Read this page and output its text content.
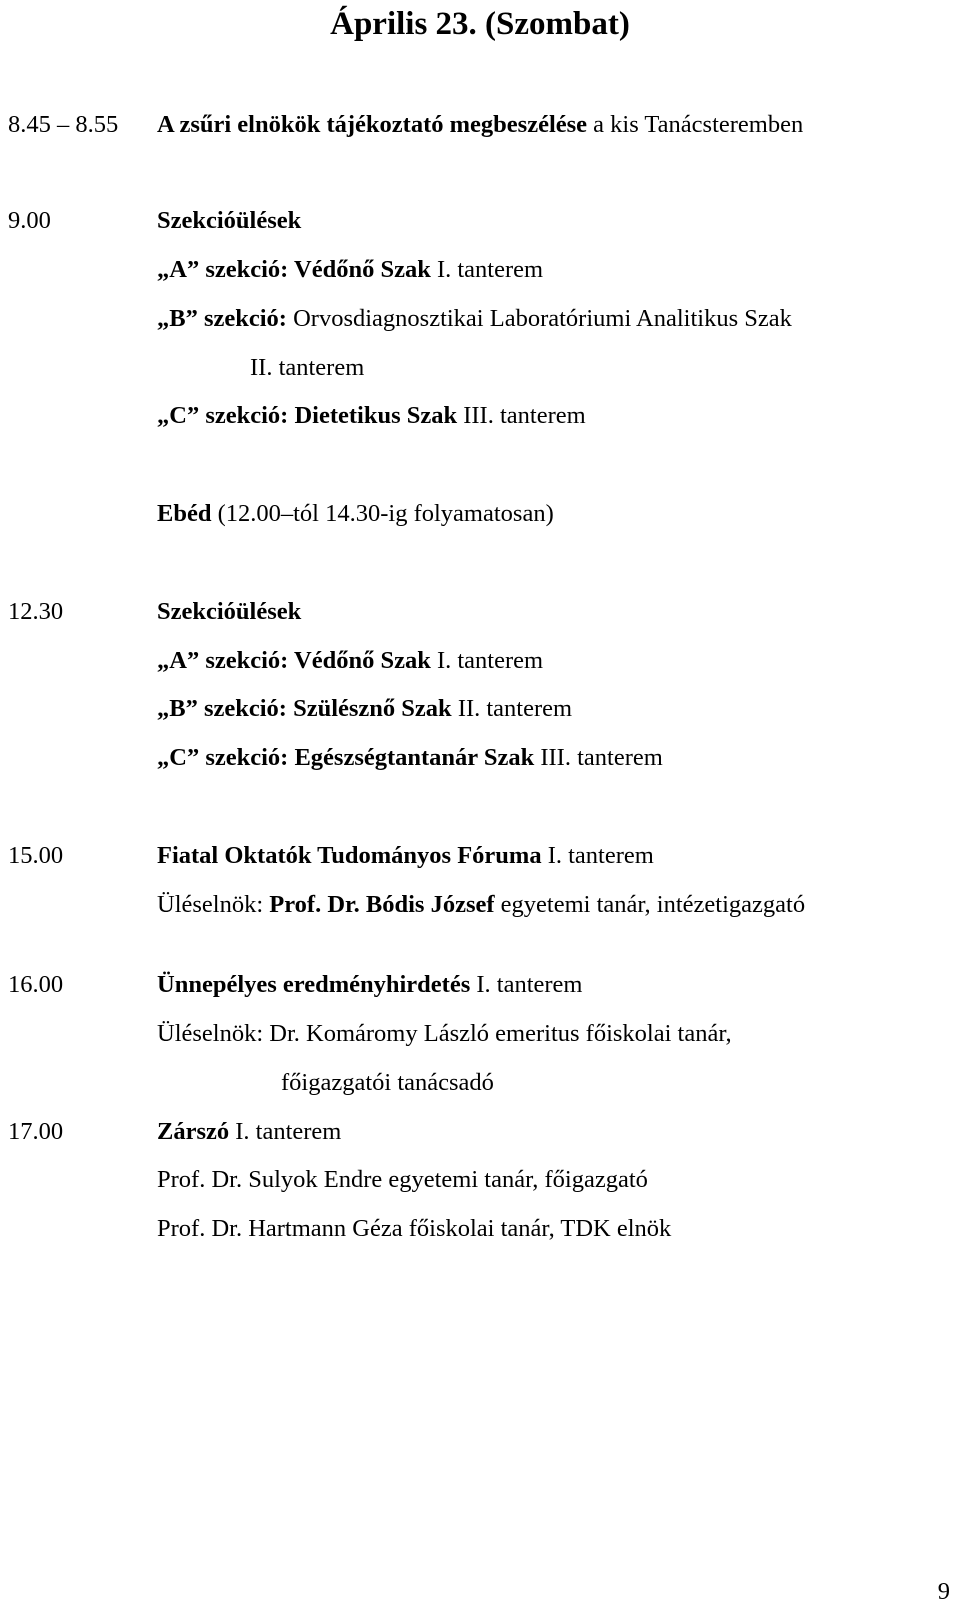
Április 23. (Szombat)
8.45 – 8.55 A zsűri elnökök tájékoztató megbeszélése a kis Tanácsteremben
9.00	Szekcióülések
„A” szekció: Védőnő Szak I. tanterem
„B” szekció: Orvosdiagnosztikai Laboratóriumi Analitikus Szak
II. tanterem
„C” szekció: Dietetikus Szak III. tanterem
Ebéd (12.00–tól 14.30-ig folyamatosan)
12.30	Szekcióülések
„A” szekció: Védőnő Szak I. tanterem
„B” szekció: Szülésznő Szak II. tanterem
„C” szekció: Egészségtantanár Szak III. tanterem
15.00	Fiatal Oktatók Tudományos Fóruma I. tanterem
Üléselnök: Prof. Dr. Bódis József egyetemi tanár, intézetigazgató
16.00	Ünnepélyes eredményhirdetés I. tanterem
Üléselnök: Dr. Komáromy László emeritus főiskolai tanár,
főigazgatói tanácsadó
17.00	Zárszó I. tanterem
Prof. Dr. Sulyok Endre egyetemi tanár, főigazgató
Prof. Dr. Hartmann Géza főiskolai tanár, TDK elnök
9
